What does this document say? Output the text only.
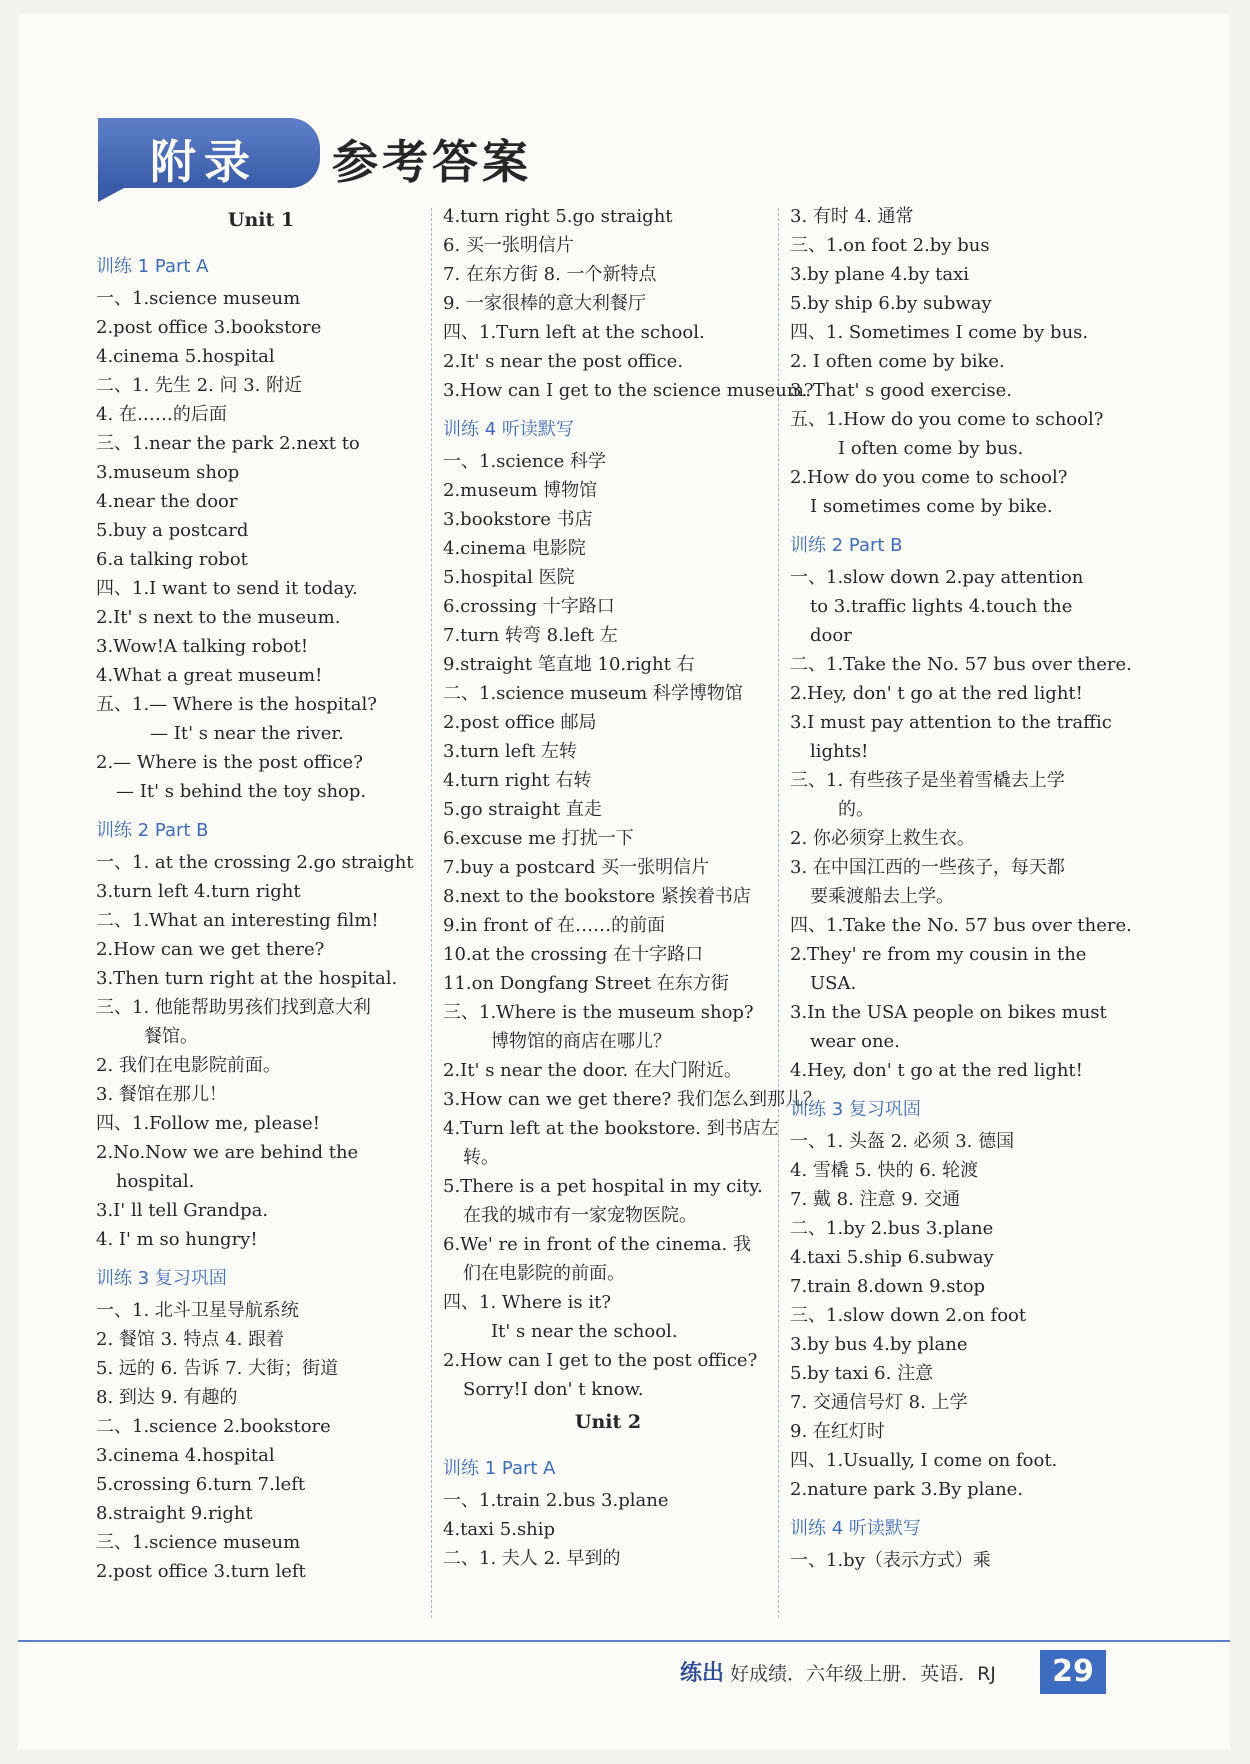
附录 参考答案
Unit 1
训练 1 Part A
一、1.science museum
2.post office 3.bookstore
4.cinema 5.hospital
二、1. 先生 2. 问 3. 附近
4. 在……的后面
三、1.near the park 2.next to
3.museum shop
4.near the door
5.buy a postcard
6.a talking robot
四、1.I want to send it today.
2.It' s next to the museum.
3.Wow!A talking robot!
4.What a great museum!
五、1.— Where is the hospital?
— It' s near the river.
2.— Where is the post office?
— It' s behind the toy shop.
训练 2 Part B
一、1. at the crossing 2.go straight
3.turn left 4.turn right
二、1.What an interesting film!
2.How can we get there?
3.Then turn right at the hospital.
三、1. 他能帮助男孩们找到意大利
餐馆。
2. 我们在电影院前面。
3. 餐馆在那儿！
四、1.Follow me, please!
2.No.Now we are behind the
hospital.
3.I' ll tell Grandpa.
4. I' m so hungry!
训练 3 复习巩固
一、1. 北斗卫星导航系统
2. 餐馆 3. 特点 4. 跟着
5. 远的 6. 告诉 7. 大街；街道
8. 到达 9. 有趣的
二、1.science 2.bookstore
3.cinema 4.hospital
5.crossing 6.turn 7.left
8.straight 9.right
三、1.science museum
2.post office 3.turn left
4.turn right 5.go straight
6. 买一张明信片
7. 在东方街 8. 一个新特点
9. 一家很棒的意大利餐厅
四、1.Turn left at the school.
2.It' s near the post office.
3.How can I get to the science museum?
训练 4 听读默写
一、1.science 科学
2.museum 博物馆
3.bookstore 书店
4.cinema 电影院
5.hospital 医院
6.crossing 十字路口
7.turn 转弯 8.left 左
9.straight 笔直地 10.right 右
二、1.science museum 科学博物馆
2.post office 邮局
3.turn left 左转
4.turn right 右转
5.go straight 直走
6.excuse me 打扰一下
7.buy a postcard 买一张明信片
8.next to the bookstore 紧挨着书店
9.in front of 在……的前面
10.at the crossing 在十字路口
11.on Dongfang Street 在东方街
三、1.Where is the museum shop?
博物馆的商店在哪儿？
2.It' s near the door. 在大门附近。
3.How can we get there? 我们怎么到那儿？
4.Turn left at the bookstore. 到书店左
转。
5.There is a pet hospital in my city.
在我的城市有一家宠物医院。
6.We' re in front of the cinema. 我
们在电影院的前面。
四、1. Where is it?
It' s near the school.
2.How can I get to the post office?
Sorry!I don' t know.
Unit 2
训练 1 Part A
一、1.train 2.bus 3.plane
4.taxi 5.ship
二、1. 夫人 2. 早到的
3. 有时 4. 通常
三、1.on foot 2.by bus
3.by plane 4.by taxi
5.by ship 6.by subway
四、1. Sometimes I come by bus.
2. I often come by bike.
3. That' s good exercise.
五、1.How do you come to school?
I often come by bus.
2.How do you come to school?
I sometimes come by bike.
训练 2 Part B
一、1.slow down 2.pay attention
to 3.traffic lights 4.touch the
door
二、1.Take the No. 57 bus over there.
2.Hey, don' t go at the red light!
3.I must pay attention to the traffic
lights!
三、1. 有些孩子是坐着雪橇去上学
的。
2. 你必须穿上救生衣。
3. 在中国江西的一些孩子，每天都
要乘渡船去上学。
四、1.Take the No. 57 bus over there.
2.They' re from my cousin in the
USA.
3.In the USA people on bikes must
wear one.
4.Hey, don' t go at the red light!
训练 3 复习巩固
一、1. 头盔 2. 必须 3. 德国
4. 雪橇 5. 快的 6. 轮渡
7. 戴 8. 注意 9. 交通
二、1.by 2.bus 3.plane
4.taxi 5.ship 6.subway
7.train 8.down 9.stop
三、1.slow down 2.on foot
3.by bus 4.by plane
5.by taxi 6. 注意
7. 交通信号灯 8. 上学
9. 在红灯时
四、1.Usually, I come on foot.
2.nature park 3.By plane.
训练 4 听读默写
一、1.by（表示方式）乘
练出 好成绩．六年级上册．英语．RJ	29
